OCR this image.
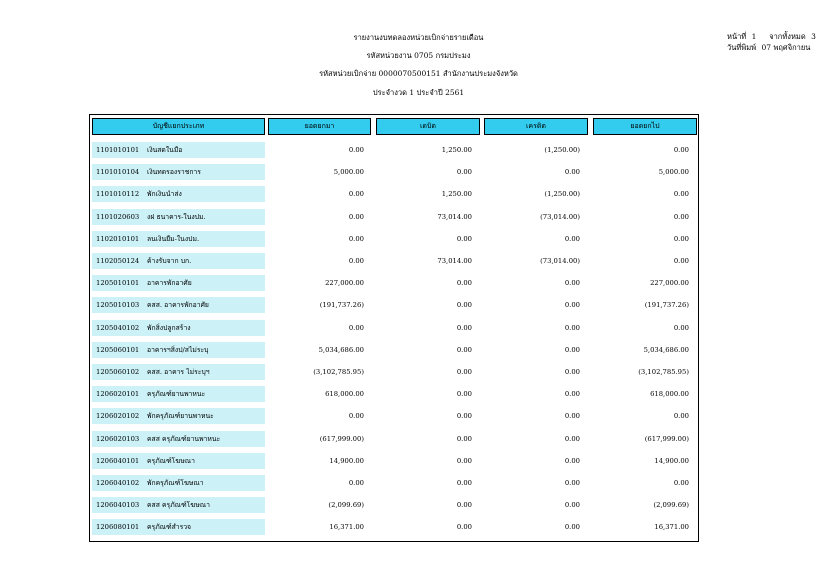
รายงานงบทดลองหน่วยเบิกจ่ายรายเดือน
รหัสหน่วยงาน 0705 กรมประมง
รหัสหน่วยเบิกจ่าย 0000070500151 สำนักงานประมงจังหวัด
ประจำงวด 1 ประจำปี 2561
หน้าที่ 1 จากทั้งหมด 3
วันที่พิมพ์ 07 พฤศจิกายน
บัญชีแยกประเภท	ยอดยกมา	เดบิต	เครดิต	ยอดยกไป
1101010101 เงินสดในมือ	0.00	1,250.00	(1,250.00)	0.00
1101010104 เงินทดรองราชการ	5,000.00	0.00	0.00	5,000.00
1101010112 พักเงินนำส่ง	0.00	1,250.00	(1,250.00)	0.00
1101020603 งฝ ธนาคาร-ในงปม.	0.00	73,014.00	(73,014.00)	0.00
1102010101 ลนเงินยืม-ในงปม.	0.00	0.00	0.00	0.00
1102050124 ค้างรับจาก บก.	0.00	73,014.00	(73,014.00)	0.00
1205010101 อาคารพักอาศัย	227,000.00	0.00	0.00	227,000.00
1205010103 คสส. อาคารพักอาศัย	(191,737.26)	0.00	0.00	(191,737.26)
1205040102 พักสิ่งปลูกสร้าง	0.00	0.00	0.00	0.00
1205060101 อาคารฯสิ่งป/สไม่ระบุ	5,034,686.00	0.00	0.00	5,034,686.00
1205060102 คสส. อาคาร ไม่ระบุฯ	(3,102,785.95)	0.00	0.00	(3,102,785.95)
1206020101 ครุภัณฑ์ยานพาหนะ	618,000.00	0.00	0.00	618,000.00
1206020102 พักครุภัณฑ์ยานพาหนะ	0.00	0.00	0.00	0.00
1206020103 คสส ครุภัณฑ์ยานพาหนะ	(617,999.00)	0.00	0.00	(617,999.00)
1206040101 ครุภัณฑ์โฆษณา	14,900.00	0.00	0.00	14,900.00
1206040102 พักครุภัณฑ์โฆษณา	0.00	0.00	0.00	0.00
1206040103 คสส ครุภัณฑ์โฆษณา	(2,099.69)	0.00	0.00	(2,099.69)
1206080101 ครุภัณฑ์สำรวจ	16,371.00	0.00	0.00	16,371.00
